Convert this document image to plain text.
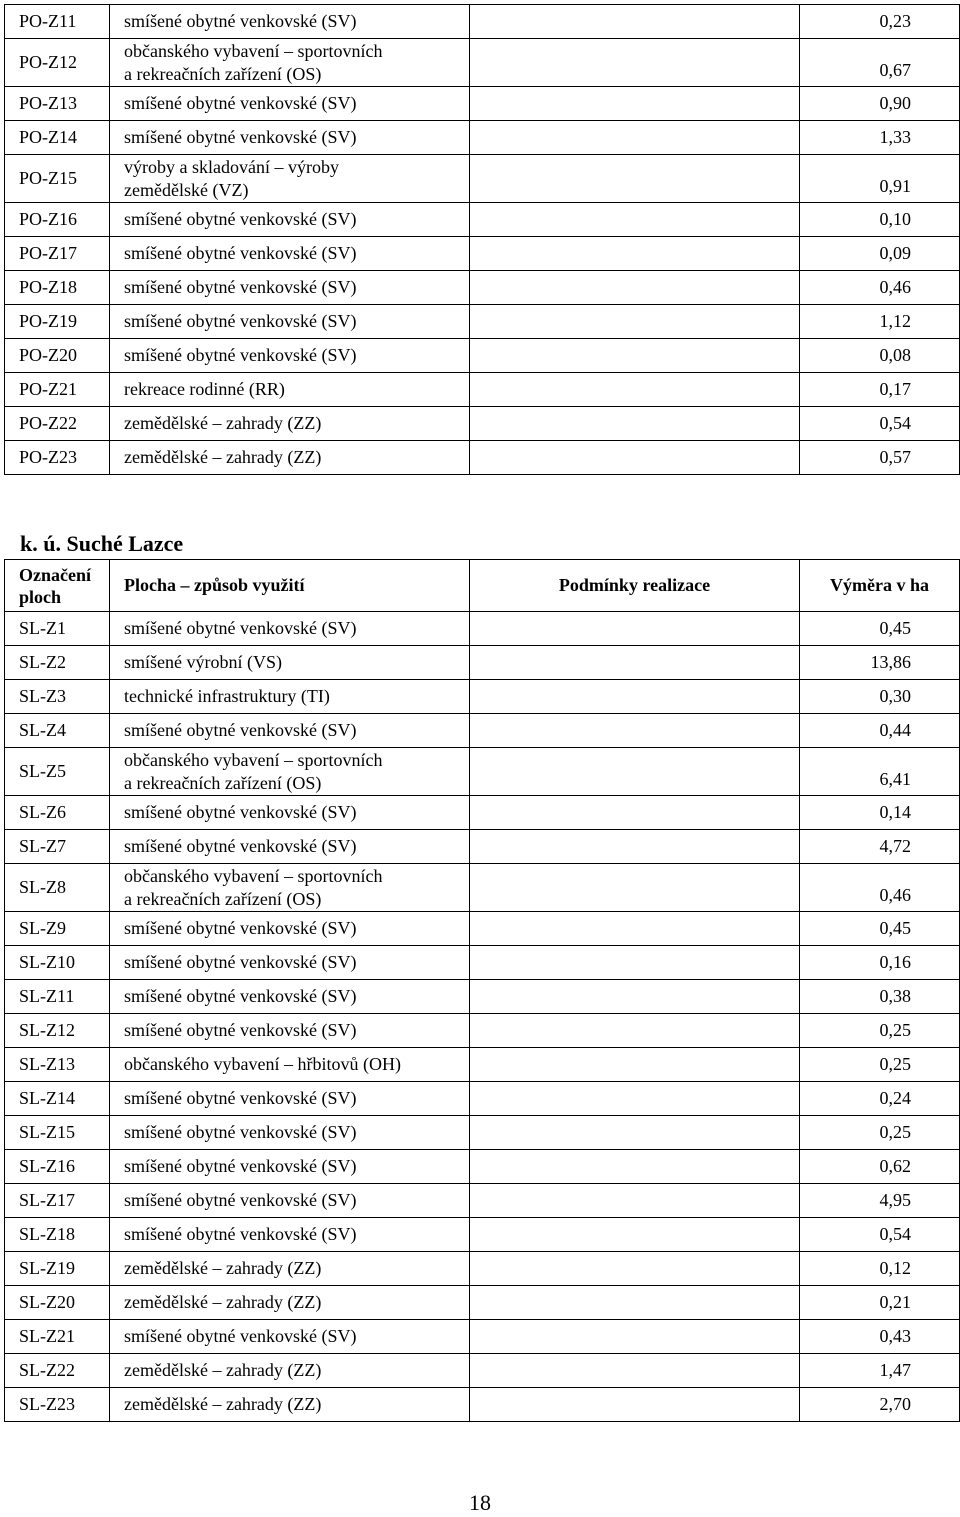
PO-Z11	smíšené obytné venkovské (SV)		0,23
PO-Z12	občanského vybavení – sportovních
a rekreačních zařízení (OS)		0,67
PO-Z13	smíšené obytné venkovské (SV)		0,90
PO-Z14	smíšené obytné venkovské (SV)		1,33
PO-Z15	výroby a skladování – výroby
zemědělské (VZ)		0,91
PO-Z16	smíšené obytné venkovské (SV)		0,10
PO-Z17	smíšené obytné venkovské (SV)		0,09
PO-Z18	smíšené obytné venkovské (SV)		0,46
PO-Z19	smíšené obytné venkovské (SV)		1,12
PO-Z20	smíšené obytné venkovské (SV)		0,08
PO-Z21	rekreace rodinné (RR)		0,17
PO-Z22	zemědělské – zahrady (ZZ)		0,54
PO-Z23	zemědělské – zahrady (ZZ)		0,57
k. ú. Suché Lazce
Označení
ploch	Plocha – způsob využití	Podmínky realizace	Výměra v ha
SL-Z1	smíšené obytné venkovské (SV)		0,45
SL-Z2	smíšené výrobní (VS)		13,86
SL-Z3	technické infrastruktury (TI)		0,30
SL-Z4	smíšené obytné venkovské (SV)		0,44
SL-Z5	občanského vybavení – sportovních
a rekreačních zařízení (OS)		6,41
SL-Z6	smíšené obytné venkovské (SV)		0,14
SL-Z7	smíšené obytné venkovské (SV)		4,72
SL-Z8	občanského vybavení – sportovních
a rekreačních zařízení (OS)		0,46
SL-Z9	smíšené obytné venkovské (SV)		0,45
SL-Z10	smíšené obytné venkovské (SV)		0,16
SL-Z11	smíšené obytné venkovské (SV)		0,38
SL-Z12	smíšené obytné venkovské (SV)		0,25
SL-Z13	občanského vybavení – hřbitovů (OH)		0,25
SL-Z14	smíšené obytné venkovské (SV)		0,24
SL-Z15	smíšené obytné venkovské (SV)		0,25
SL-Z16	smíšené obytné venkovské (SV)		0,62
SL-Z17	smíšené obytné venkovské (SV)		4,95
SL-Z18	smíšené obytné venkovské (SV)		0,54
SL-Z19	zemědělské – zahrady (ZZ)		0,12
SL-Z20	zemědělské – zahrady (ZZ)		0,21
SL-Z21	smíšené obytné venkovské (SV)		0,43
SL-Z22	zemědělské – zahrady (ZZ)		1,47
SL-Z23	zemědělské – zahrady (ZZ)		2,70
18
